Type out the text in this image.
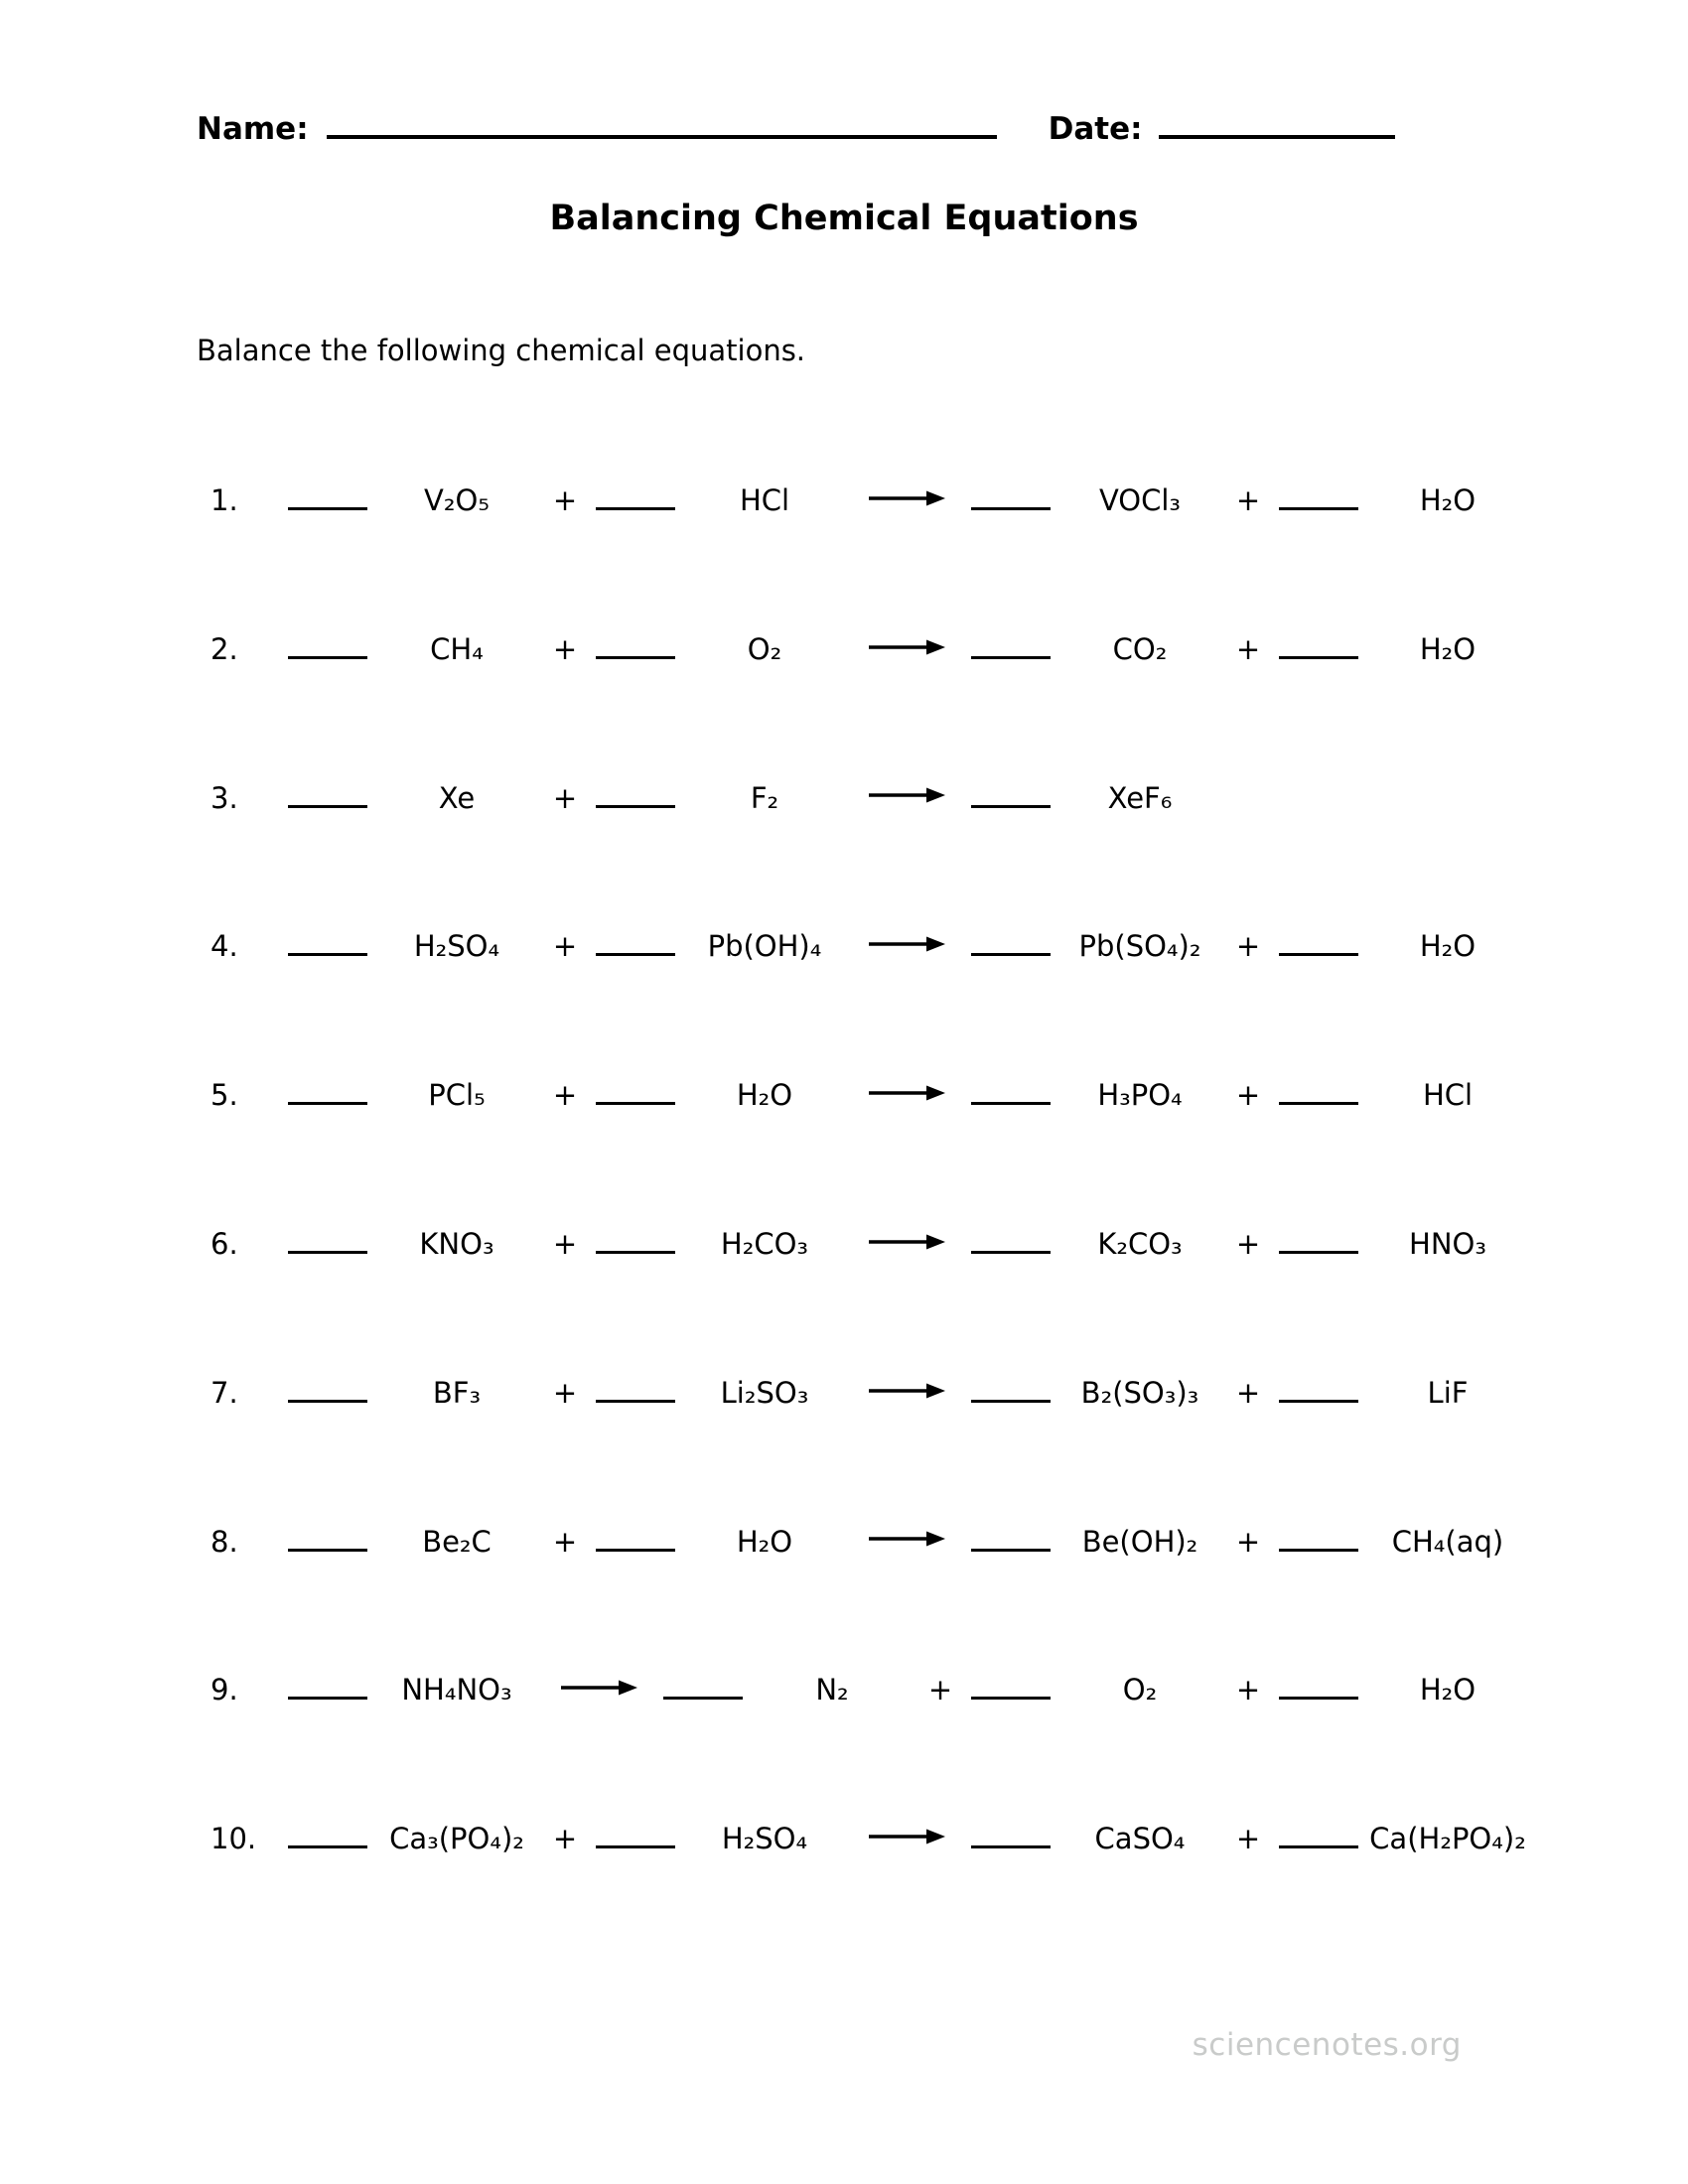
Name:	Date:
Balancing Chemical Equations
Balance the following chemical equations.
1.	V₂O₅	+	HCl	VOCl₃	+	H₂O
2.	CH₄	+	O₂	CO₂	+	H₂O
3.	Xe	+	F₂	XeF₆
4.	H₂SO₄	+	Pb(OH)₄	Pb(SO₄)₂	+	H₂O
5.	PCl₅	+	H₂O	H₃PO₄	+	HCl
6.	KNO₃	+	H₂CO₃	K₂CO₃	+	HNO₃
7.	BF₃	+	Li₂SO₃	B₂(SO₃)₃	+	LiF
8.	Be₂C	+	H₂O	Be(OH)₂	+	CH₄(aq)
9.	NH₄NO₃	N₂	+	O₂	+	H₂O
10.	Ca₃(PO₄)₂ +	H₂SO₄	CaSO₄	+	Ca(H₂PO₄)₂
sciencenotes.org
